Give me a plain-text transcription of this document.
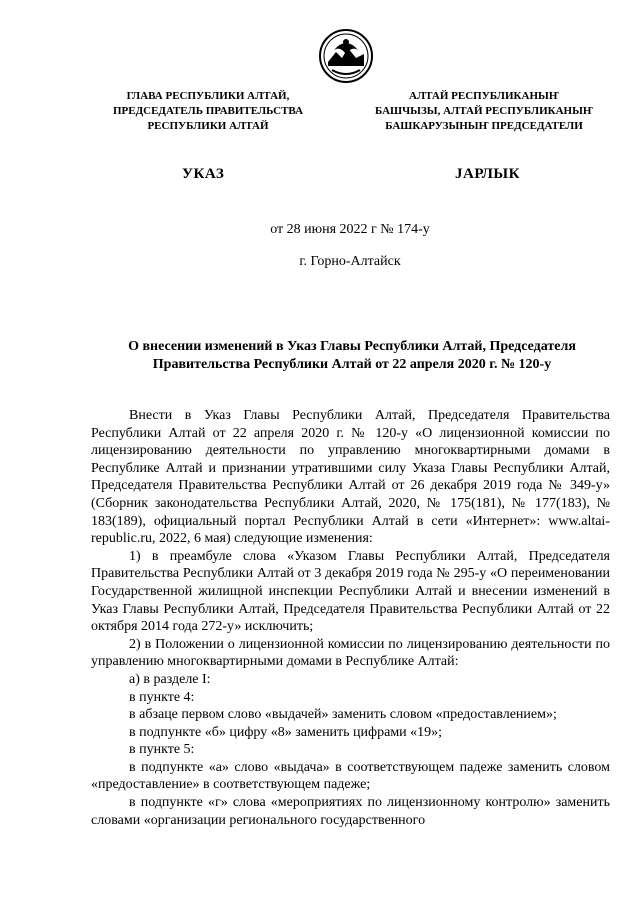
ГЛАВА РЕСПУБЛИКИ АЛТАЙ,
ПРЕДСЕДАТЕЛЬ ПРАВИТЕЛЬСТВА
РЕСПУБЛИКИ АЛТАЙ
АЛТАЙ РЕСПУБЛИКАНЫҤ
БАШЧЫЗЫ, АЛТАЙ РЕСПУБЛИКАНЫҤ
БАШКАРУЗЫНЫҤ ПРЕДСЕДАТЕЛИ
УКАЗ	JАРЛЫК
от 28 июня 2022 г № 174-у
г. Горно-Алтайск
О внесении изменений в Указ Главы Республики Алтай, Председателя Правительства Республики Алтай от 22 апреля 2020 г. № 120-у

Внести в Указ Главы Республики Алтай, Председателя Правительства Республики Алтай от 22 апреля 2020 г. № 120-у «О лицензионной комиссии по лицензированию деятельности по управлению многоквартирными домами в Республике Алтай и признании утратившими силу Указа Главы Республики Алтай, Председателя Правительства Республики Алтай от 26 декабря 2019 года № 349-у» (Сборник законодательства Республики Алтай, 2020, № 175(181), № 177(183), № 183(189), официальный портал Республики Алтай в сети «Интернет»: www.altai-republic.ru, 2022, 6 мая) следующие изменения:

1) в преамбуле слова «Указом Главы Республики Алтай, Председателя Правительства Республики Алтай от 3 декабря 2019 года № 295-у «О переименовании Государственной жилищной инспекции Республики Алтай и внесении изменений в Указ Главы Республики Алтай, Председателя Правительства Республики Алтай от 22 октября 2014 года 272-у» исключить;

2) в Положении о лицензионной комиссии по лицензированию деятельности по управлению многоквартирными домами в Республике Алтай:

а) в разделе I:

в пункте 4:

в абзаце первом слово «выдачей» заменить словом «предоставлением»;

в подпункте «б» цифру «8» заменить цифрами «19»;

в пункте 5:

в подпункте «а» слово «выдача» в соответствующем падеже заменить словом «предоставление» в соответствующем падеже;

в подпункте «г» слова «мероприятиях по лицензионному контролю» заменить словами «организации регионального государственного
